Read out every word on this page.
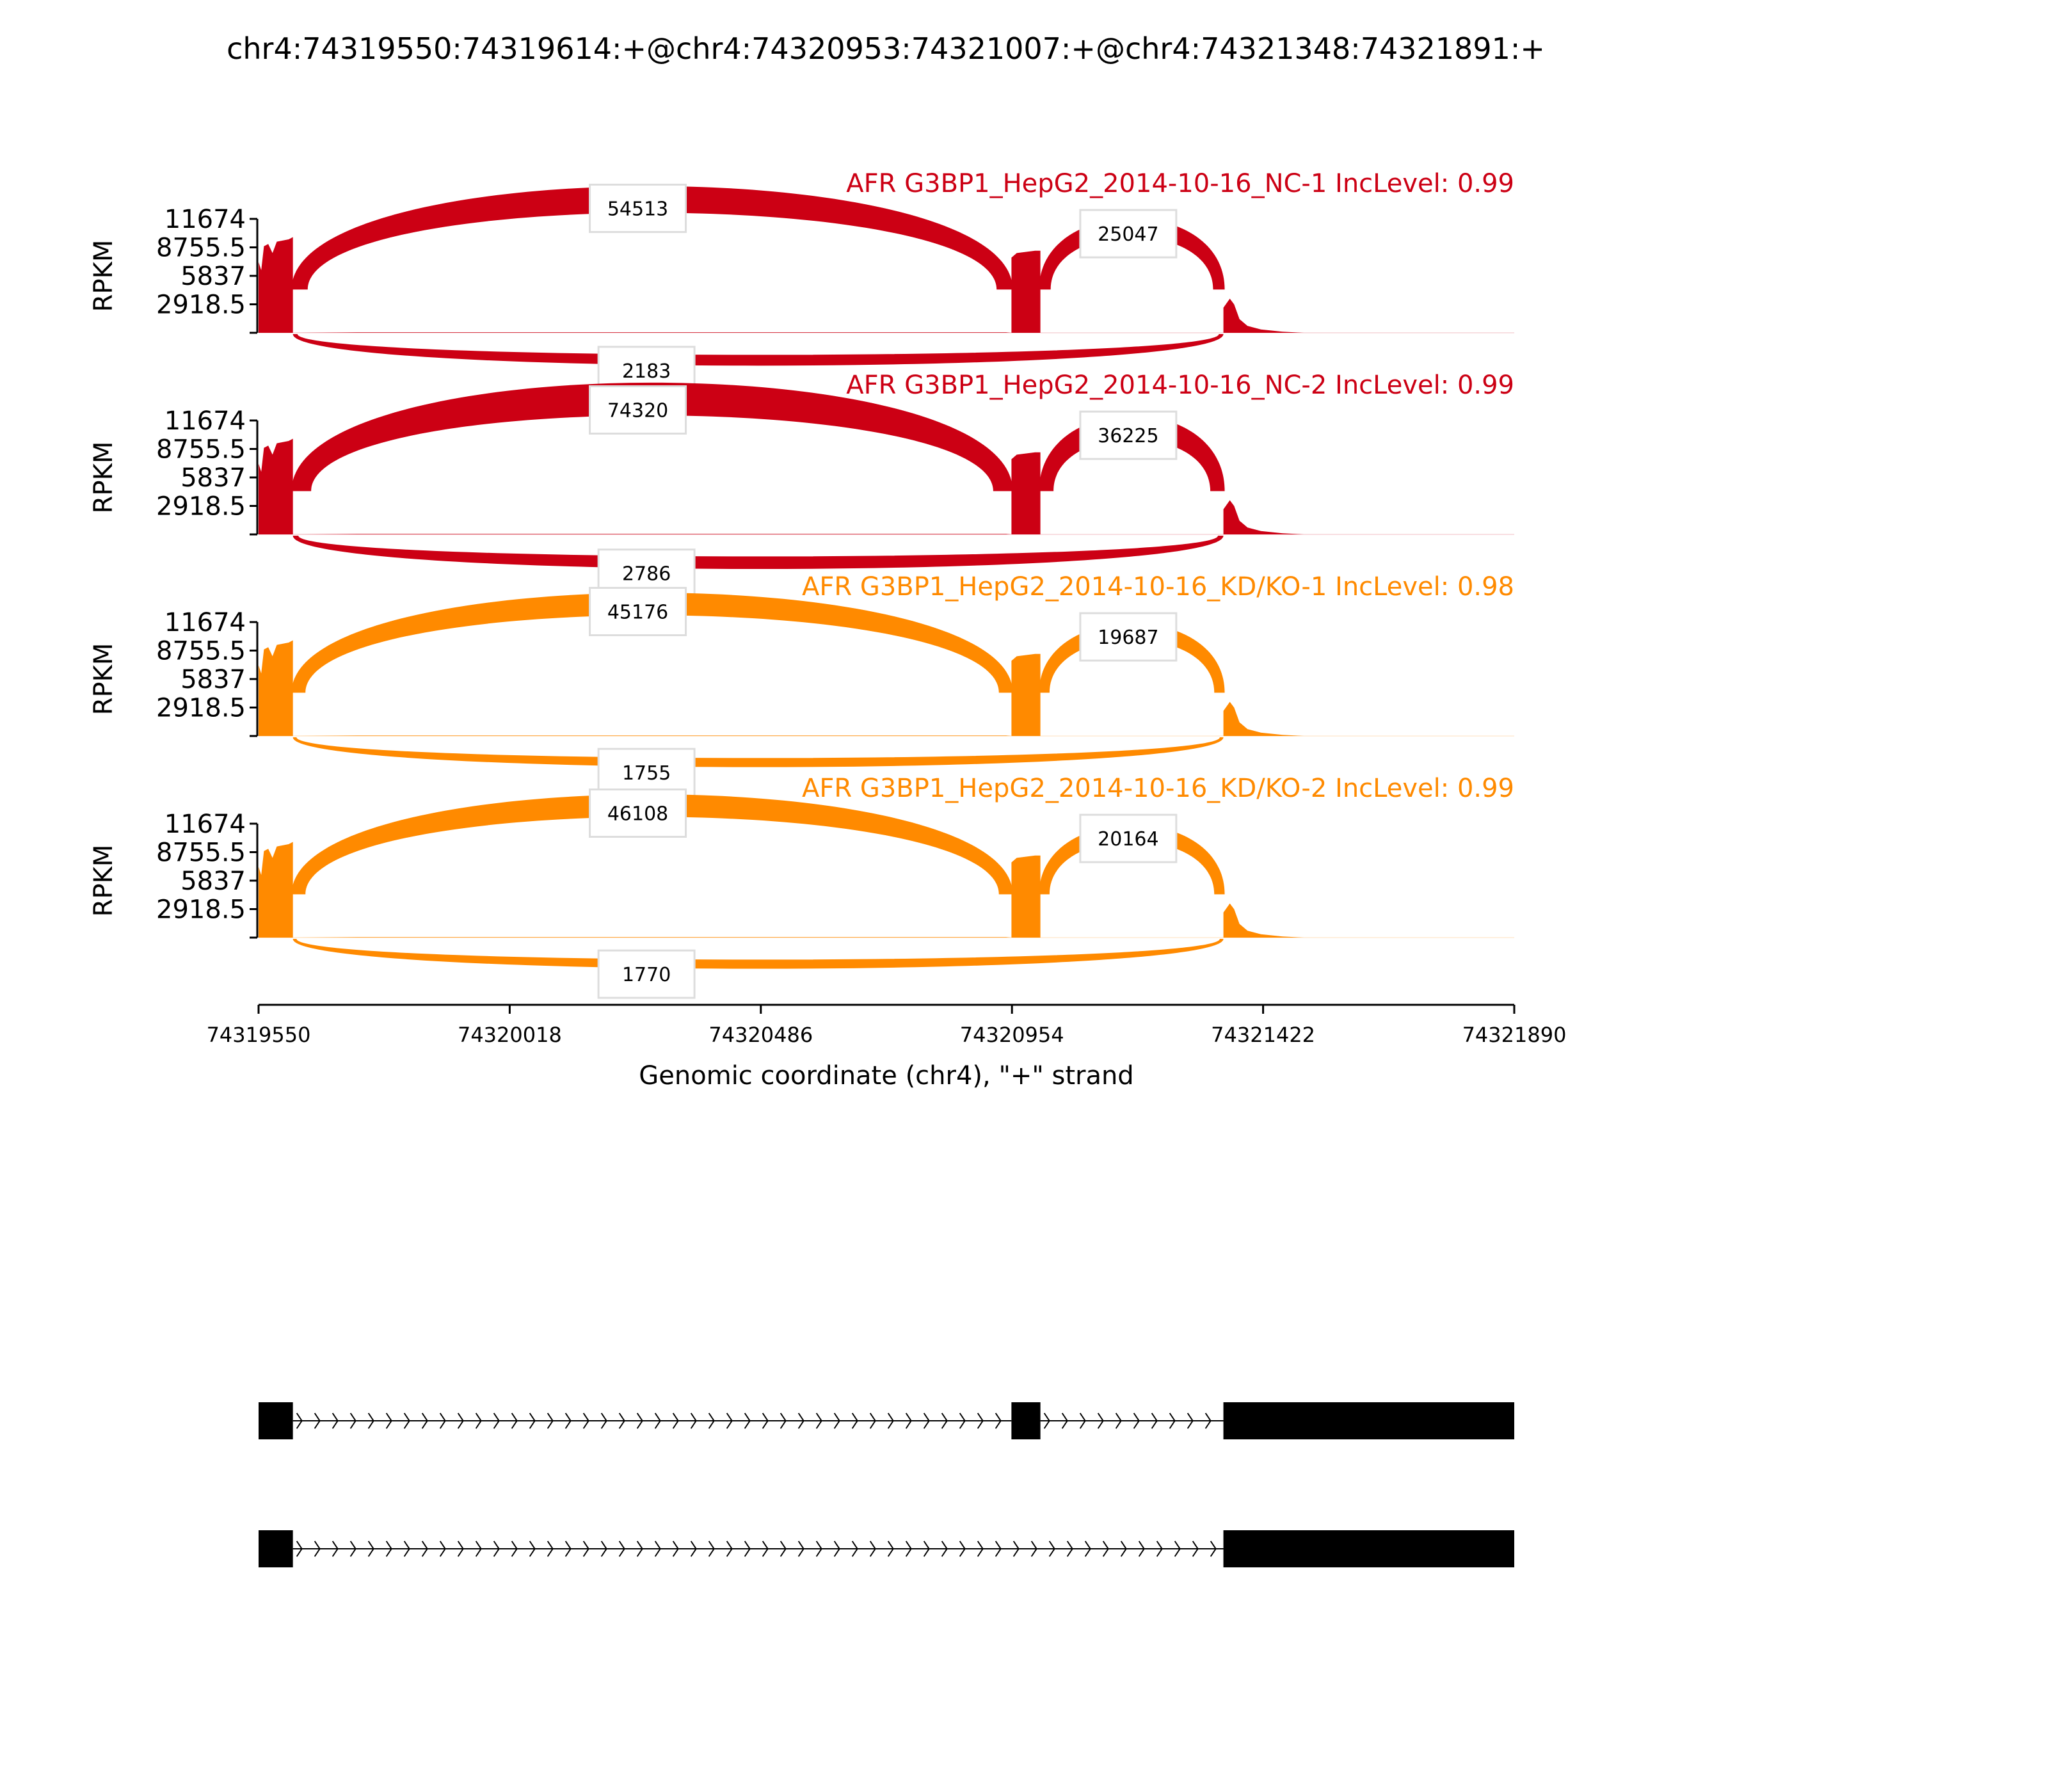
chr4:74319550:74319614:+@chr4:74320953:74321007:+@chr4:74321348:74321891:+
2918.5
5837
8755.5
11674
RPKM
54513
25047
2183
AFR G3BP1_HepG2_2014-10-16_NC-1 IncLevel: 0.99
2918.5
5837
8755.5
11674
RPKM
74320
36225
2786
AFR G3BP1_HepG2_2014-10-16_NC-2 IncLevel: 0.99
2918.5
5837
8755.5
11674
RPKM
45176
19687
1755
AFR G3BP1_HepG2_2014-10-16_KD/KO-1 IncLevel: 0.98
2918.5
5837
8755.5
11674
RPKM
46108
20164
1770
AFR G3BP1_HepG2_2014-10-16_KD/KO-2 IncLevel: 0.99
74319550	74320018	74320486	74320954	74321422	74321890
Genomic coordinate (chr4), "+" strand
